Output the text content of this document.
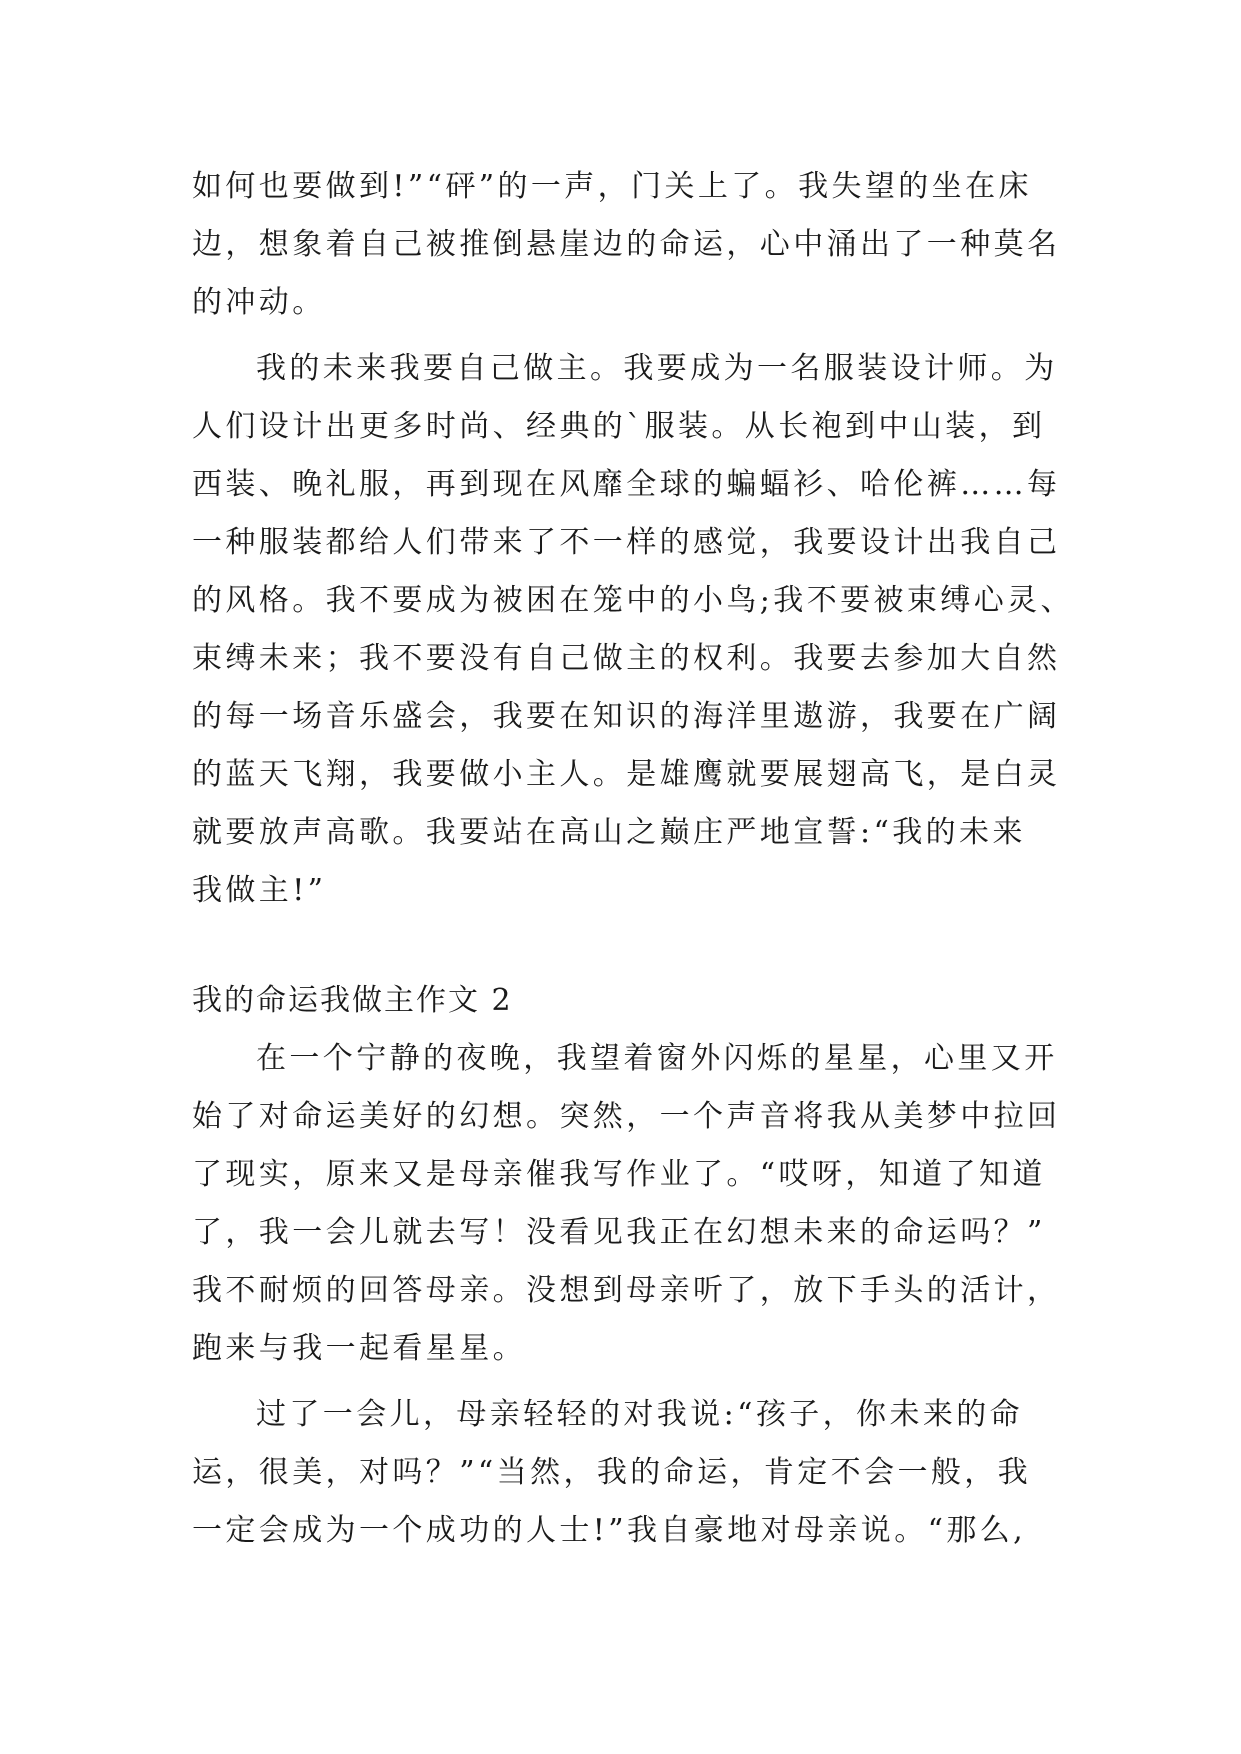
如何也要做到!”“砰”的一声，门关上了。我失望的坐在床
边，想象着自己被推倒悬崖边的命运，心中涌出了一种莫名
的冲动。
我的未来我要自己做主。我要成为一名服装设计师。为
人们设计出更多时尚、经典的`服装。从长袍到中山装，到
西装、晚礼服，再到现在风靡全球的蝙蝠衫、哈伦裤……每
一种服装都给人们带来了不一样的感觉，我要设计出我自己
的风格。我不要成为被困在笼中的小鸟;我不要被束缚心灵、
束缚未来；我不要没有自己做主的权利。我要去参加大自然
的每一场音乐盛会，我要在知识的海洋里遨游，我要在广阔
的蓝天飞翔，我要做小主人。是雄鹰就要展翅高飞，是白灵
就要放声高歌。我要站在高山之巅庄严地宣誓:“我的未来
我做主!”
我的命运我做主作文 2
在一个宁静的夜晚，我望着窗外闪烁的星星，心里又开
始了对命运美好的幻想。突然，一个声音将我从美梦中拉回
了现实，原来又是母亲催我写作业了。“哎呀，知道了知道
了，我一会儿就去写！没看见我正在幻想未来的命运吗？”
我不耐烦的回答母亲。没想到母亲听了，放下手头的活计，
跑来与我一起看星星。
过了一会儿，母亲轻轻的对我说:“孩子，你未来的命
运，很美，对吗？”“当然，我的命运，肯定不会一般，我
一定会成为一个成功的人士!”我自豪地对母亲说。“那么,
